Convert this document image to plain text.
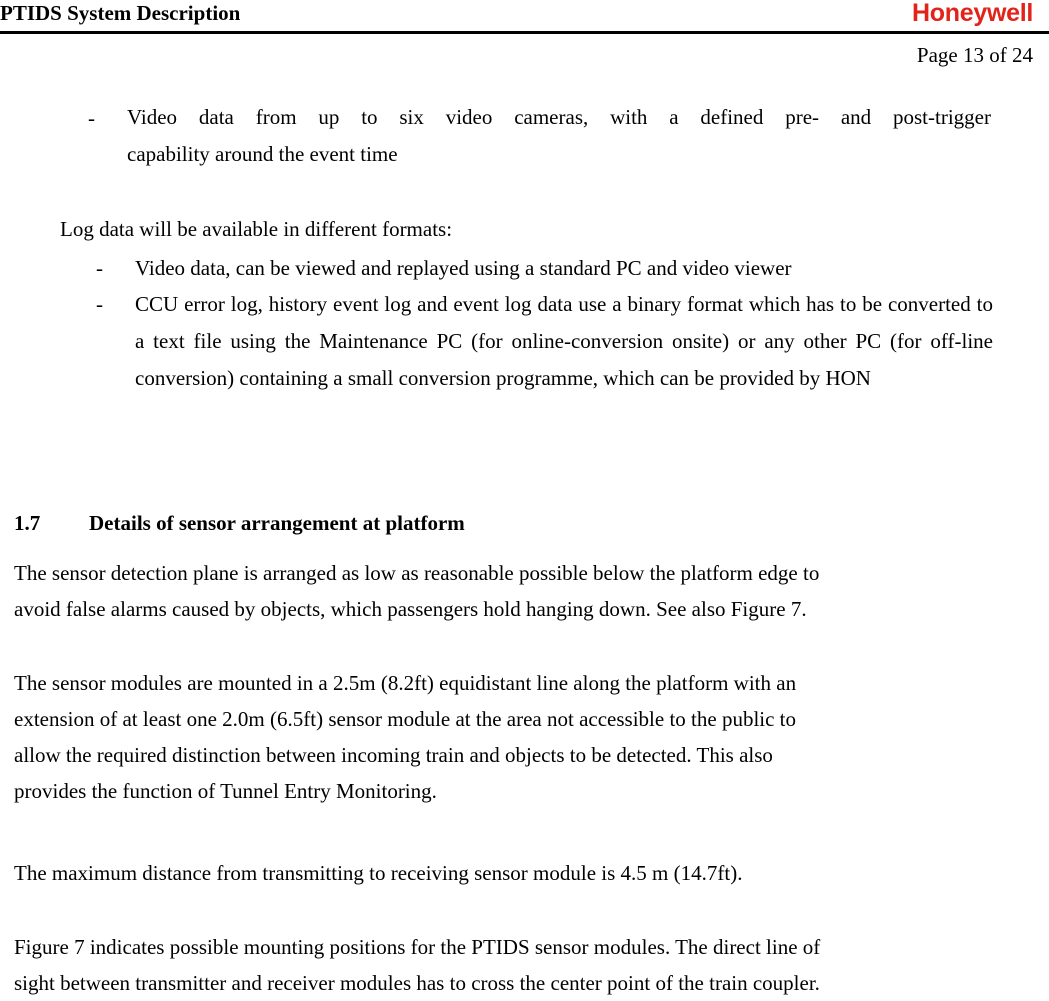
PTIDS System Description	Honeywell
Page 13 of 24
- Video data from up to six video cameras, with a defined pre- and post-trigger
capability around the event time
Log data will be available in different formats:
- Video data, can be viewed and replayed using a standard PC and video viewer
- CCU error log, history event log and event log data use a binary format which has to be converted to a text file using the Maintenance PC (for online-conversion onsite) or any other PC (for off-line conversion) containing a small conversion programme, which can be provided by HON
1.7 Details of sensor arrangement at platform
The sensor detection plane is arranged as low as reasonable possible below the platform edge to
avoid false alarms caused by objects, which passengers hold hanging down. See also Figure 7.
The sensor modules are mounted in a 2.5m (8.2ft) equidistant line along the platform with an
extension of at least one 2.0m (6.5ft) sensor module at the area not accessible to the public to
allow the required distinction between incoming train and objects to be detected. This also
provides the function of Tunnel Entry Monitoring.
The maximum distance from transmitting to receiving sensor module is 4.5 m (14.7ft).
Figure 7 indicates possible mounting positions for the PTIDS sensor modules. The direct line of
sight between transmitter and receiver modules has to cross the center point of the train coupler.
